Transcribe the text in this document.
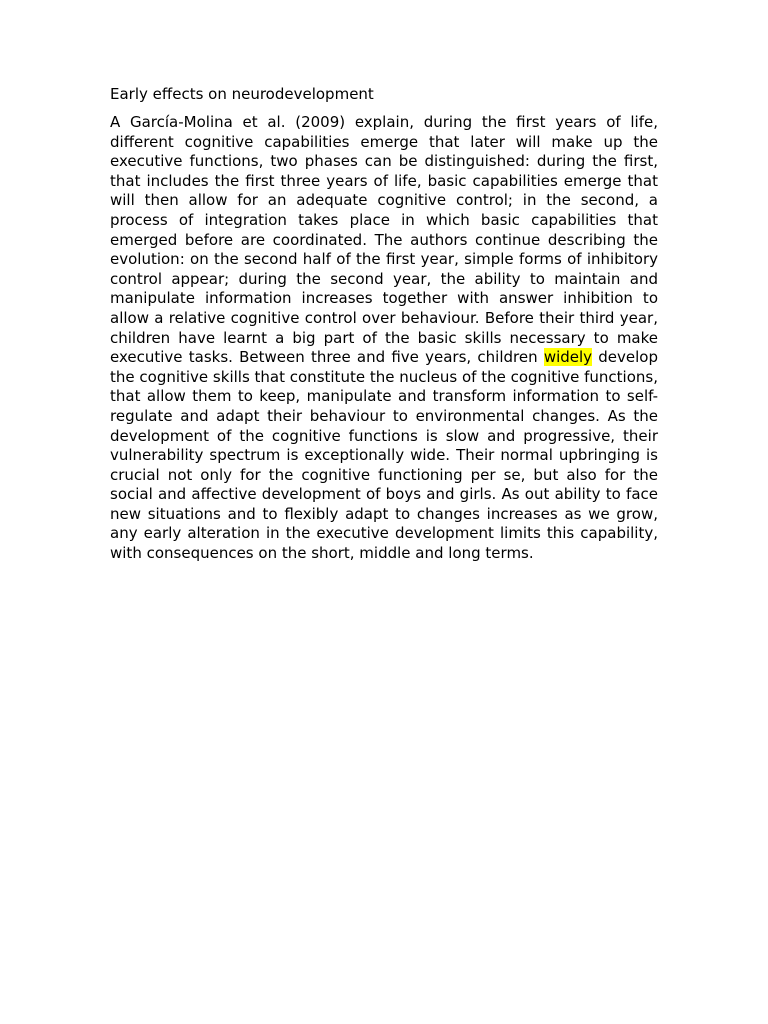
Early effects on neurodevelopment

A García-Molina et al. (2009) explain, during the first years of life, different cognitive capabilities emerge that later will make up the executive functions, two phases can be distinguished: during the first, that includes the first three years of life, basic capabilities emerge that will then allow for an adequate cognitive control; in the second, a process of integration takes place in which basic capabilities that emerged before are coordinated. The authors continue describing the evolution: on the second half of the first year, simple forms of inhibitory control appear; during the second year, the ability to maintain and manipulate information increases together with answer inhibition to allow a relative cognitive control over behaviour. Before their third year, children have learnt a big part of the basic skills necessary to make executive tasks. Between three and five years, children widely develop the cognitive skills that constitute the nucleus of the cognitive functions, that allow them to keep, manipulate and transform information to self-regulate and adapt their behaviour to environmental changes. As the development of the cognitive functions is slow and progressive, their vulnerability spectrum is exceptionally wide. Their normal upbringing is crucial not only for the cognitive functioning per se, but also for the social and affective development of boys and girls. As out ability to face new situations and to flexibly adapt to changes increases as we grow, any early alteration in the executive development limits this capability, with consequences on the short, middle and long terms.
